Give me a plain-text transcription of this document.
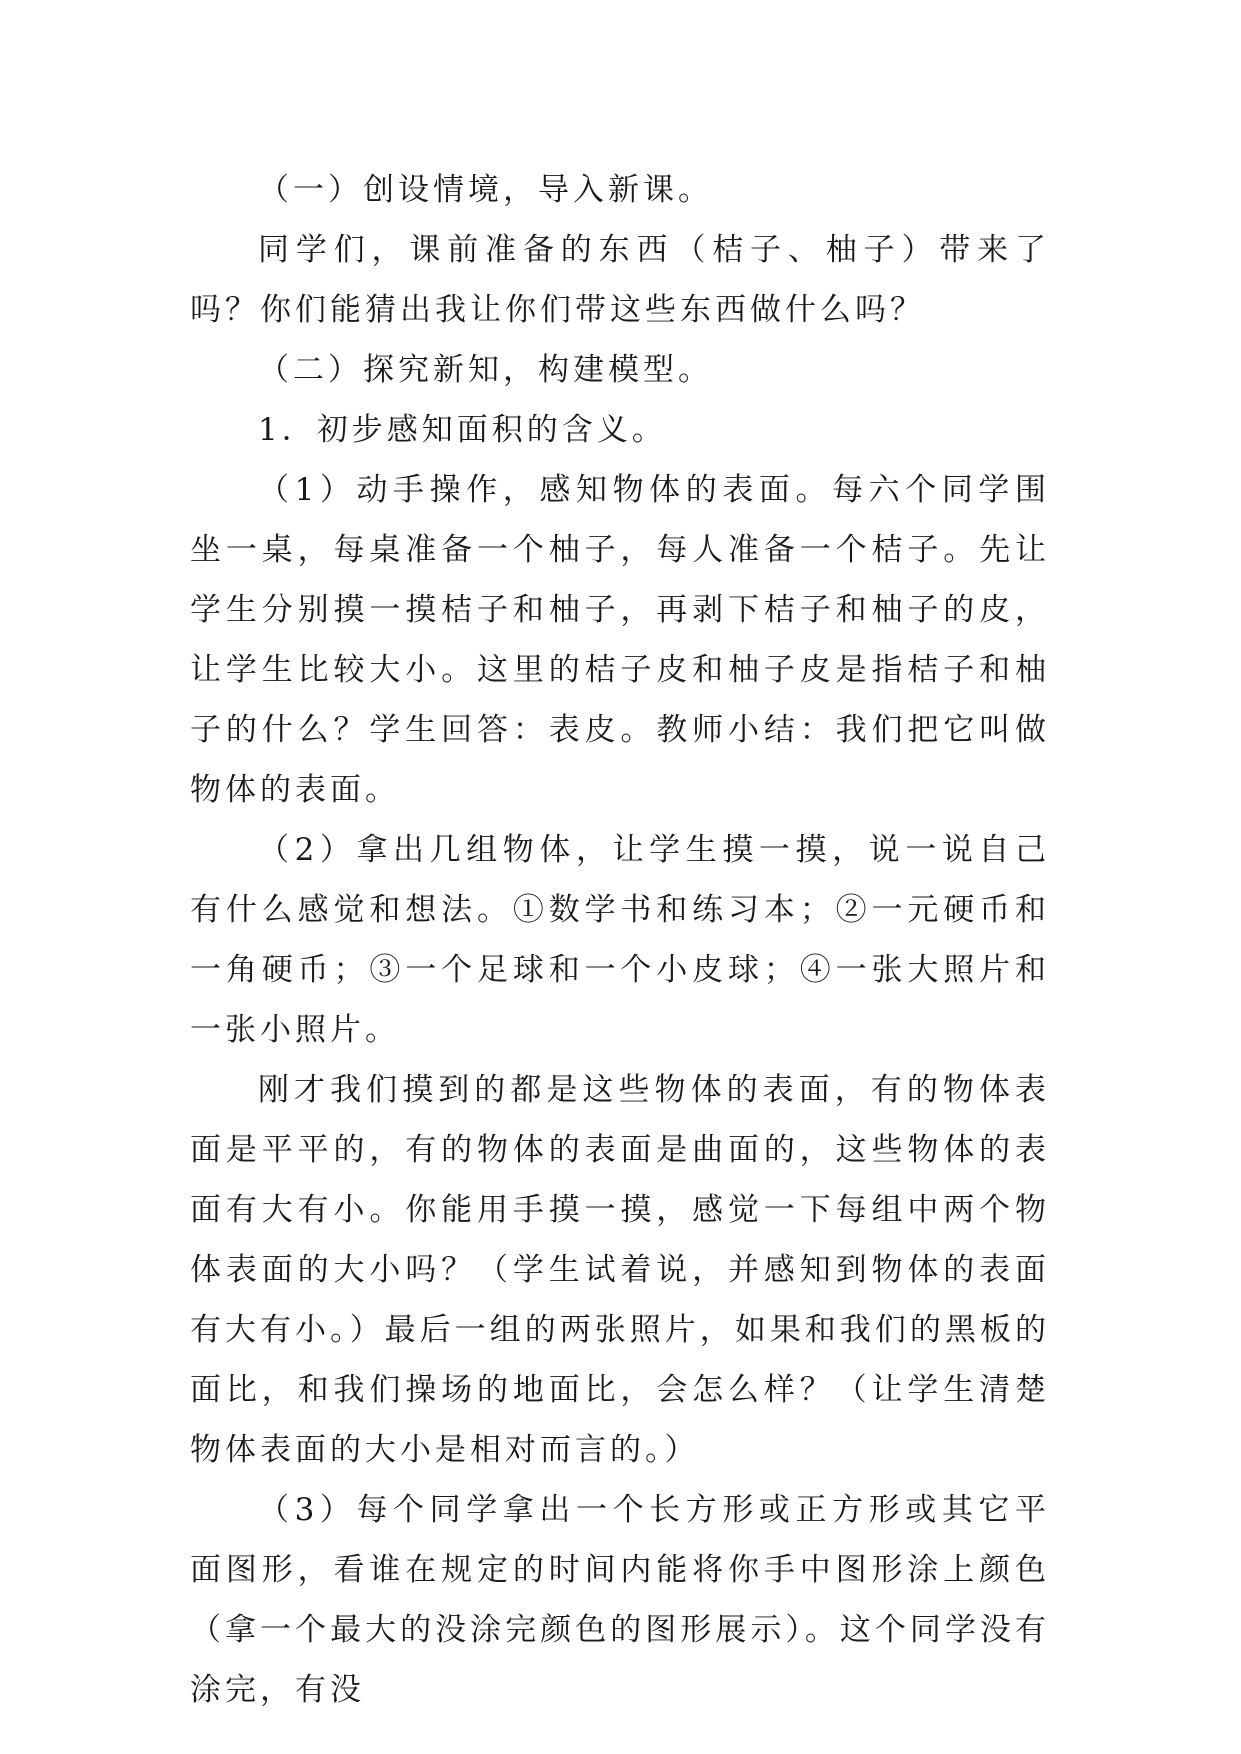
（一）创设情境，导入新课。

同学们，课前准备的东西（桔子、柚子）带来了吗？你们能猜出我让你们带这些东西做什么吗？

（二）探究新知，构建模型。

1．初步感知面积的含义。

（1）动手操作，感知物体的表面。每六个同学围坐一桌，每桌准备一个柚子，每人准备一个桔子。先让学生分别摸一摸桔子和柚子，再剥下桔子和柚子的皮，让学生比较大小。这里的桔子皮和柚子皮是指桔子和柚子的什么？学生回答：表皮。教师小结：我们把它叫做物体的表面。

（2）拿出几组物体，让学生摸一摸，说一说自己有什么感觉和想法。①数学书和练习本；②一元硬币和一角硬币；③一个足球和一个小皮球；④一张大照片和一张小照片。

刚才我们摸到的都是这些物体的表面，有的物体表面是平平的，有的物体的表面是曲面的，这些物体的表面有大有小。你能用手摸一摸，感觉一下每组中两个物体表面的大小吗？（学生试着说，并感知到物体的表面有大有小。）最后一组的两张照片，如果和我们的黑板的面比，和我们操场的地面比，会怎么样？（让学生清楚物体表面的大小是相对而言的。）

（3）每个同学拿出一个长方形或正方形或其它平面图形，看谁在规定的时间内能将你手中图形涂上颜色（拿一个最大的没涂完颜色的图形展示）。这个同学没有涂完，有没
